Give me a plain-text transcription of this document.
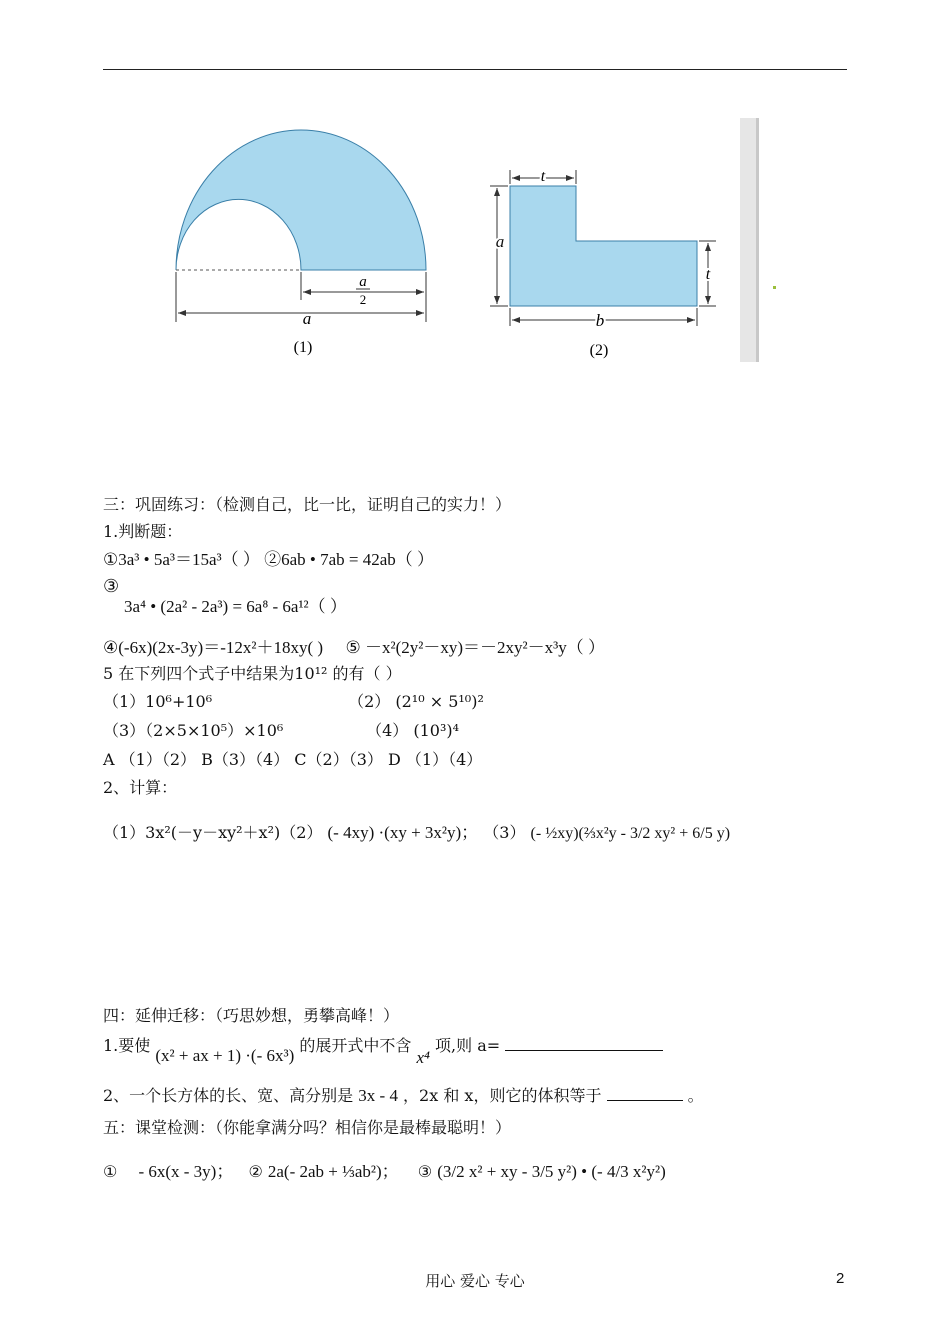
a
2
a
(1)
a
t
t
b
(2)
三：巩固练习：（检测自己，比一比，证明自己的实力！）
1.判断题：
①3a³ • 5a³＝15a³（ ） ②6ab • 7ab = 42ab（ ）
③
3a⁴ • (2a² - 2a³) = 6a⁸ - 6a¹²（ ）
④(-6x)(2x-3y)＝-12x²＋18xy( ) ⑤ －x²(2y²－xy)＝－2xy²－x³y（ ）
5 在下列四个式子中结果为10¹² 的有（ ）
（1）10⁶+10⁶	（2） (2¹⁰ × 5¹⁰)²
（3）（2×5×10⁵）×10⁶	（4） (10³)⁴
A （1）（2） B（3）（4） C（2）（3） D （1）（4）
2、计算：
（1）3x²(－y－xy²＋x²)（2） (- 4xy) ·(xy + 3x²y)； （3） (- ½xy)(⅔x²y - 3/2 xy² + 6/5 y)
四：延伸迁移：（巧思妙想，勇攀高峰！）
1.要使 (x² + ax + 1) ·(- 6x³) 的展开式中不含 x⁴ 项,则 a=
2、一个长方体的长、宽、高分别是 3x - 4 ，2x 和 x，则它的体积等于	。
五：课堂检测：（你能拿满分吗？相信你是最棒最聪明！）
① - 6x(x - 3y)； ② 2a(- 2ab + ⅓ab²)； ③ (3/2 x² + xy - 3/5 y²) • (- 4/3 x²y²)
用心 爱心 专心	2
